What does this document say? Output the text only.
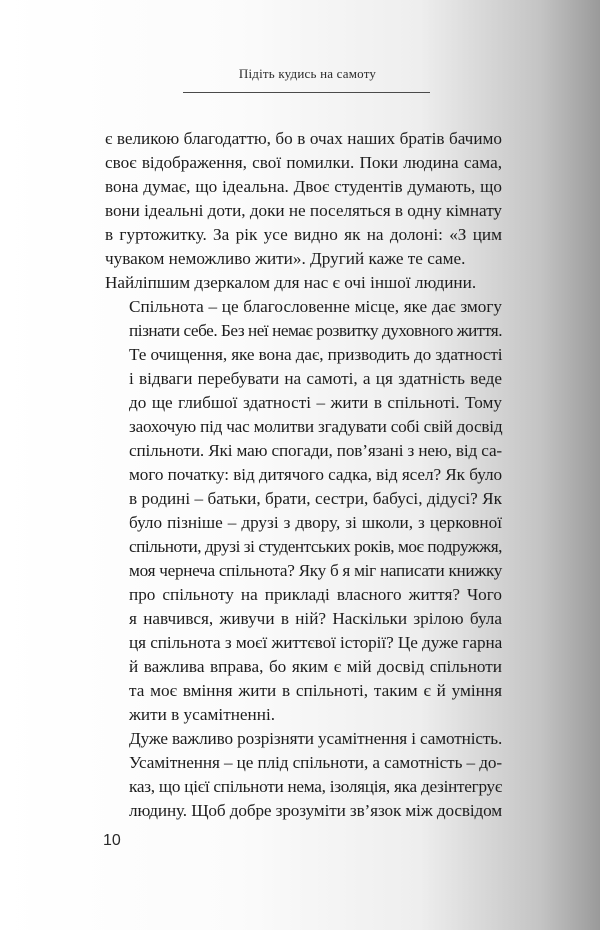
Підіть кудись на самоту

є великою благодаттю, бо в очах наших братів бачимо
своє відображення, свої помилки. Поки людина сама,
вона думає, що ідеальна. Двоє студентів думають, що
вони ідеальні доти, доки не поселяться в одну кімнату
в гуртожитку. За рік усе видно як на долоні: «З цим
чуваком неможливо жити». Другий каже те саме.
Найліпшим дзеркалом для нас є очі іншої людини.

Спільнота – це благословенне місце, яке дає змогу
пізнати себе. Без неї немає розвитку духовного життя.
Те очищення, яке вона дає, призводить до здатності
і відваги перебувати на самоті, а ця здатність веде
до ще глибшої здатності – жити в спільноті. Тому
заохочую під час молитви згадувати собі свій досвід
спільноти. Які маю спогади, пов’язані з нею, від са-
мого початку: від дитячого садка, від ясел? Як було
в родині – батьки, брати, сестри, бабусі, дідусі? Як
було пізніше – друзі з двору, зі школи, з церковної
спільноти, друзі зі студентських років, моє подружжя,
моя чернеча спільнота? Яку б я міг написати книжку
про спільноту на прикладі власного життя? Чого
я навчився, живучи в ній? Наскільки зрілою була
ця спільнота з моєї життєвої історії? Це дуже гарна
й важлива вправа, бо яким є мій досвід спільноти
та моє вміння жити в спільноті, таким є й уміння
жити в усамітненні.

Дуже важливо розрізняти усамітнення і самотність.
Усамітнення – це плід спільноти, а самотність – до-
каз, що цієї спільноти нема, ізоляція, яка дезінтегрує
людину. Щоб добре зрозуміти зв’язок між досвідом

10
